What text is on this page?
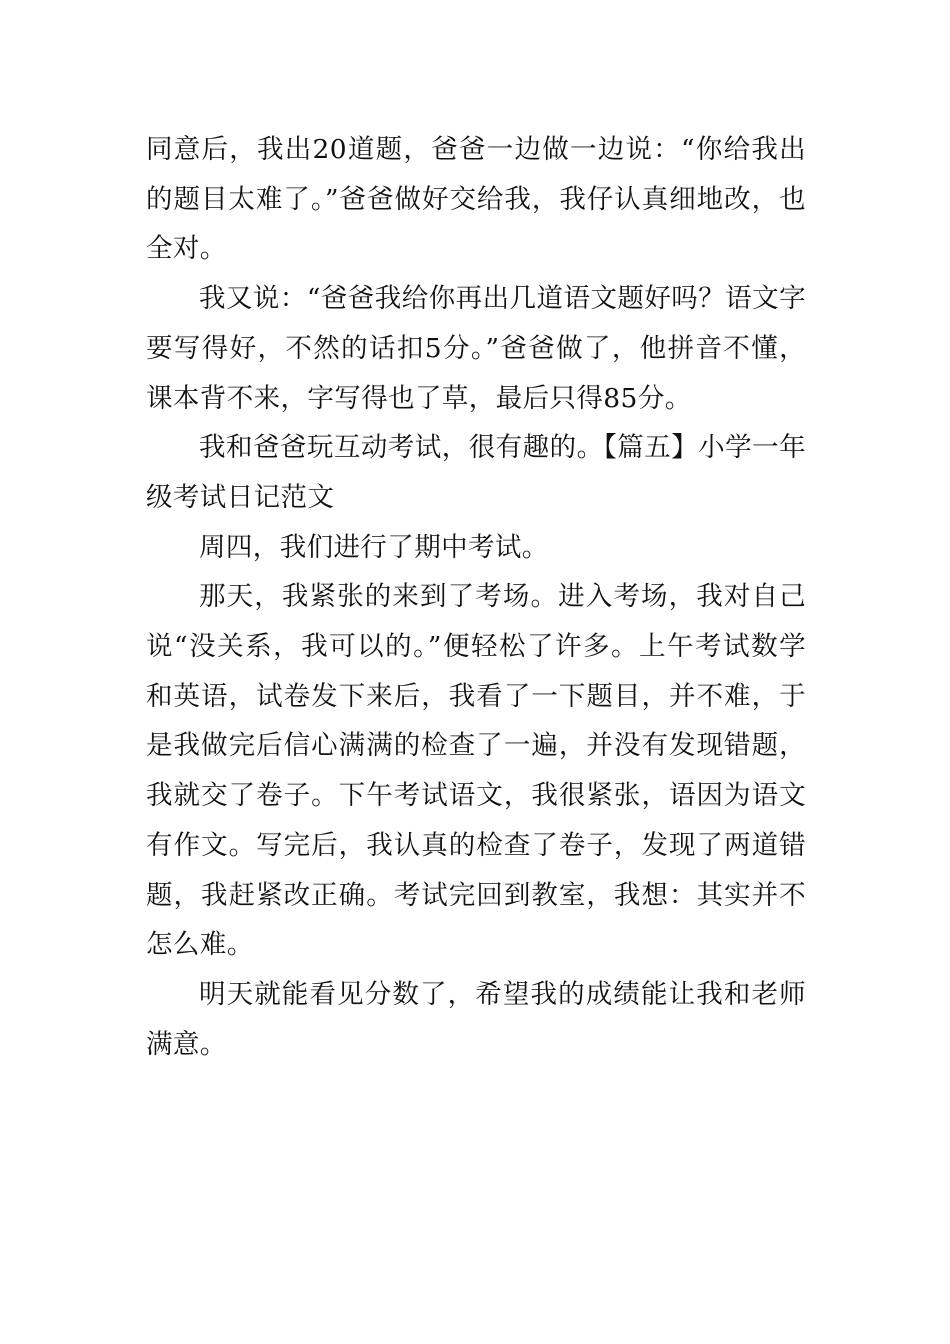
同意后，我出20道题，爸爸一边做一边说：“你给我出的题目太难了。”爸爸做好交给我，我仔认真细地改，也全对。

我又说：“爸爸我给你再出几道语文题好吗？语文字要写得好，不然的话扣5分。”爸爸做了，他拼音不懂，课本背不来，字写得也了草，最后只得85分。

我和爸爸玩互动考试，很有趣的。【篇五】小学一年级考试日记范文

周四，我们进行了期中考试。

那天，我紧张的来到了考场。进入考场，我对自己说“没关系，我可以的。”便轻松了许多。上午考试数学和英语，试卷发下来后，我看了一下题目，并不难，于是我做完后信心满满的检查了一遍，并没有发现错题，我就交了卷子。下午考试语文，我很紧张，语因为语文有作文。写完后，我认真的检查了卷子，发现了两道错题，我赶紧改正确。考试完回到教室，我想：其实并不怎么难。

明天就能看见分数了，希望我的成绩能让我和老师满意。
